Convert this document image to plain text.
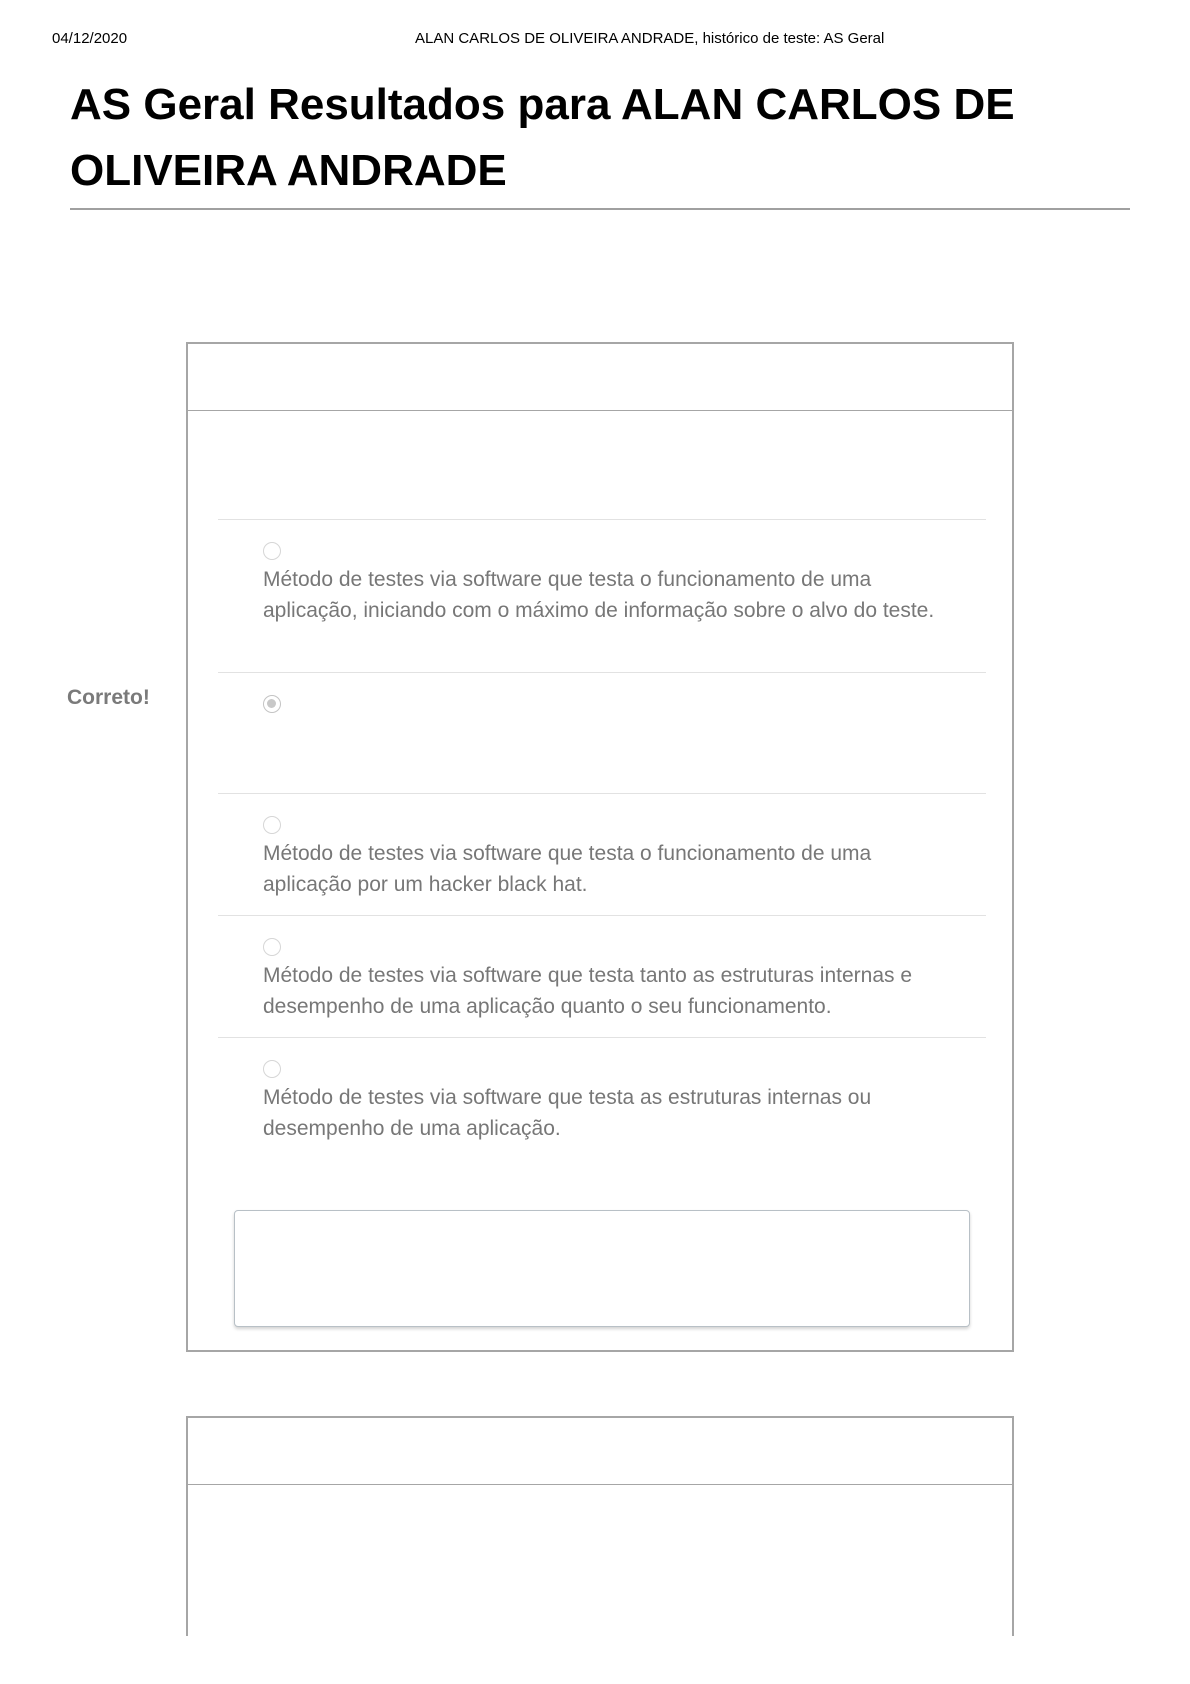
04/12/2020	ALAN CARLOS DE OLIVEIRA ANDRADE, histórico de teste: AS Geral
AS Geral Resultados para ALAN CARLOS DE OLIVEIRA ANDRADE
Método de testes via software que testa o funcionamento de uma aplicação, iniciando com o máximo de informação sobre o alvo do teste.
Método de testes via software que testa o funcionamento de uma aplicação por um hacker black hat.
Método de testes via software que testa tanto as estruturas internas e desempenho de uma aplicação quanto o seu funcionamento.
Método de testes via software que testa as estruturas internas ou desempenho de uma aplicação.
Correto!
